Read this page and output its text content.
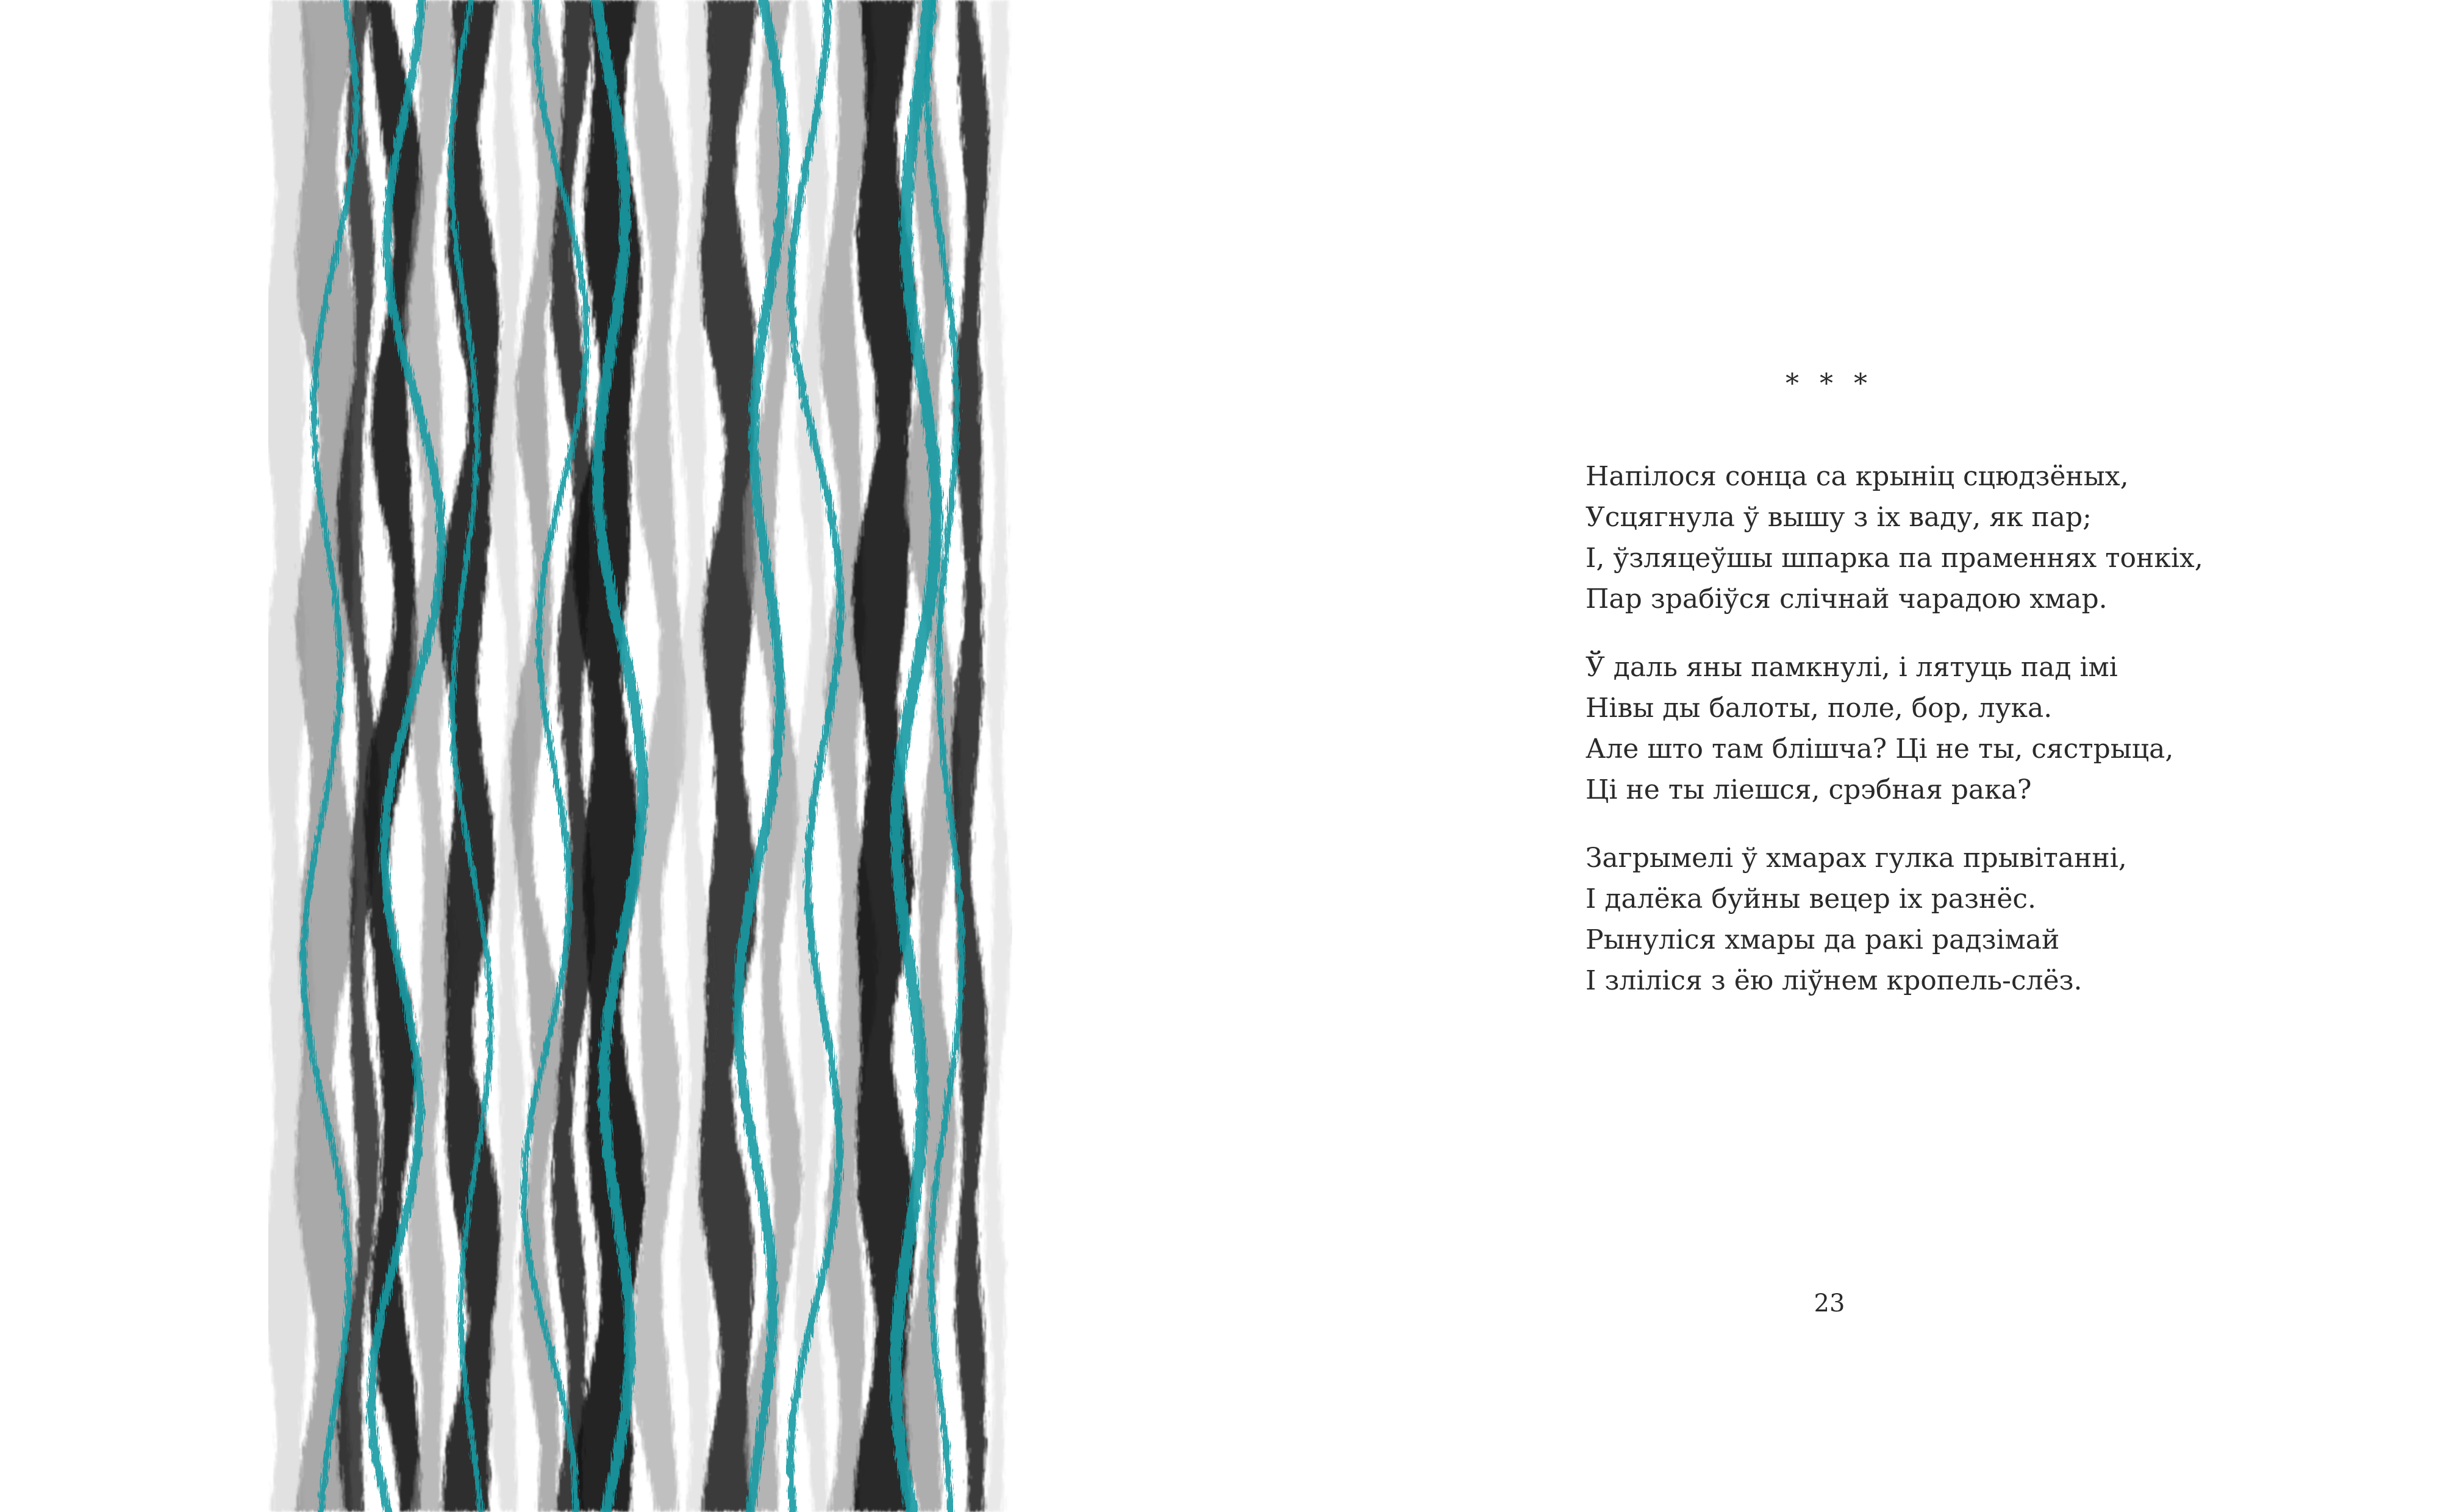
* * *
Напілося сонца са крыніц сцюдзёных,
Усцягнула ў вышу з іх ваду, як пар;
І, ўзляцеўшы шпарка па праменнях тонкіх,
Пар зрабіўся слічнай чарадою хмар.
Ў даль яны памкнулі, і лятуць пад імі
Нівы ды балоты, поле, бор, лука.
Але што там блішча? Ці не ты, сястрыца,
Ці не ты ліешся, срэбная рака?
Загрымелі ў хмарах гулка прывітанні,
І далёка буйны вецер іх разнёс.
Рынуліся хмары да ракі радзімай
І зліліся з ёю ліўнем кропель-слёз.
23
